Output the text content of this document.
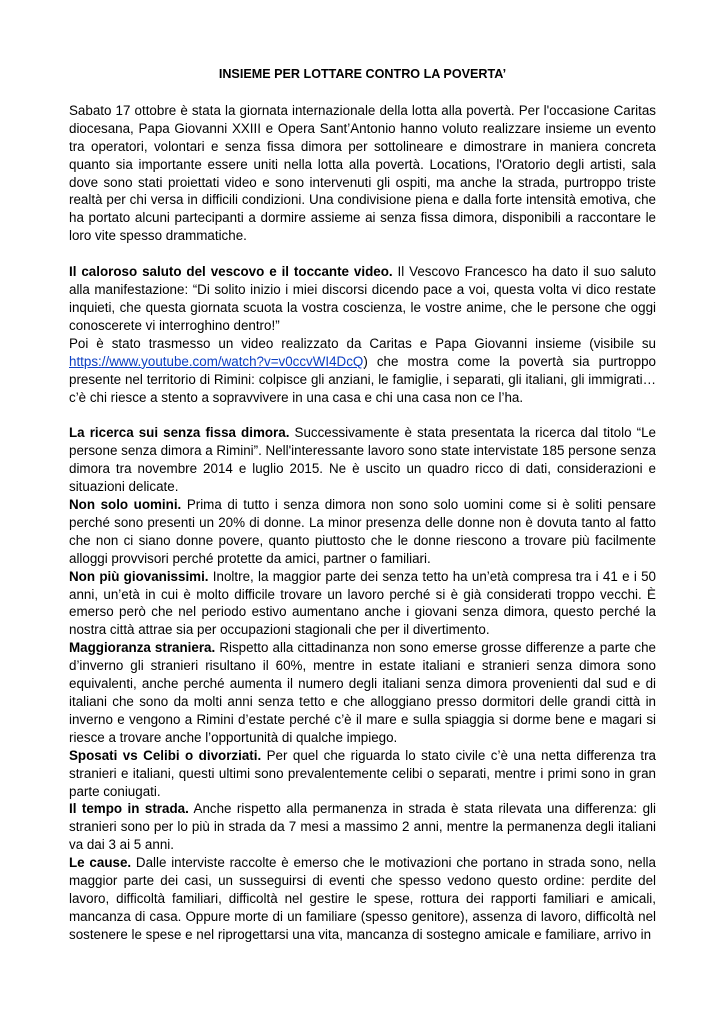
INSIEME PER LOTTARE CONTRO LA POVERTA’

Sabato 17 ottobre è stata la giornata internazionale della lotta alla povertà. Per l'occasione Caritas diocesana, Papa Giovanni XXIII e Opera Sant’Antonio hanno voluto realizzare insieme un evento tra operatori, volontari e senza fissa dimora per sottolineare e dimostrare in maniera concreta quanto sia importante essere uniti nella lotta alla povertà. Locations, l'Oratorio degli artisti, sala dove sono stati proiettati video e sono intervenuti gli ospiti, ma anche la strada, purtroppo triste realtà per chi versa in difficili condizioni. Una condivisione piena e dalla forte intensità emotiva, che ha portato alcuni partecipanti a dormire assieme ai senza fissa dimora, disponibili a raccontare le loro vite spesso drammatiche.

Il caloroso saluto del vescovo e il toccante video. Il Vescovo Francesco ha dato il suo saluto alla manifestazione: “Di solito inizio i miei discorsi dicendo pace a voi, questa volta vi dico restate inquieti, che questa giornata scuota la vostra coscienza, le vostre anime, che le persone che oggi conoscerete vi interroghino dentro!”

Poi è stato trasmesso un video realizzato da Caritas e Papa Giovanni insieme (visibile su https://www.youtube.com/watch?v=v0ccvWI4DcQ) che mostra come la povertà sia purtroppo presente nel territorio di Rimini: colpisce gli anziani, le famiglie, i separati, gli italiani, gli immigrati… c’è chi riesce a stento a sopravvivere in una casa e chi una casa non ce l’ha.

La ricerca sui senza fissa dimora. Successivamente è stata presentata la ricerca dal titolo “Le persone senza dimora a Rimini”. Nell'interessante lavoro sono state intervistate 185 persone senza dimora tra novembre 2014 e luglio 2015. Ne è uscito un quadro ricco di dati, considerazioni e situazioni delicate.

Non solo uomini. Prima di tutto i senza dimora non sono solo uomini come si è soliti pensare perché sono presenti un 20% di donne. La minor presenza delle donne non è dovuta tanto al fatto che non ci siano donne povere, quanto piuttosto che le donne riescono a trovare più facilmente alloggi provvisori perché protette da amici, partner o familiari.

Non più giovanissimi. Inoltre, la maggior parte dei senza tetto ha un’età compresa tra i 41 e i 50 anni, un’età in cui è molto difficile trovare un lavoro perché si è già considerati troppo vecchi. È emerso però che nel periodo estivo aumentano anche i giovani senza dimora, questo perché la nostra città attrae sia per occupazioni stagionali che per il divertimento.

Maggioranza straniera. Rispetto alla cittadinanza non sono emerse grosse differenze a parte che d’inverno gli stranieri risultano il 60%, mentre in estate italiani e stranieri senza dimora sono equivalenti, anche perché aumenta il numero degli italiani senza dimora provenienti dal sud e di italiani che sono da molti anni senza tetto e che alloggiano presso dormitori delle grandi città in inverno e vengono a Rimini d’estate perché c’è il mare e sulla spiaggia si dorme bene e magari si riesce a trovare anche l’opportunità di qualche impiego.

Sposati vs Celibi o divorziati. Per quel che riguarda lo stato civile c’è una netta differenza tra stranieri e italiani, questi ultimi sono prevalentemente celibi o separati, mentre i primi sono in gran parte coniugati.

Il tempo in strada. Anche rispetto alla permanenza in strada è stata rilevata una differenza: gli stranieri sono per lo più in strada da 7 mesi a massimo 2 anni, mentre la permanenza degli italiani va dai 3 ai 5 anni.

Le cause. Dalle interviste raccolte è emerso che le motivazioni che portano in strada sono, nella maggior parte dei casi, un susseguirsi di eventi che spesso vedono questo ordine: perdite del lavoro, difficoltà familiari, difficoltà nel gestire le spese, rottura dei rapporti familiari e amicali, mancanza di casa. Oppure morte di un familiare (spesso genitore), assenza di lavoro, difficoltà nel sostenere le spese e nel riprogettarsi una vita, mancanza di sostegno amicale e familiare, arrivo in
